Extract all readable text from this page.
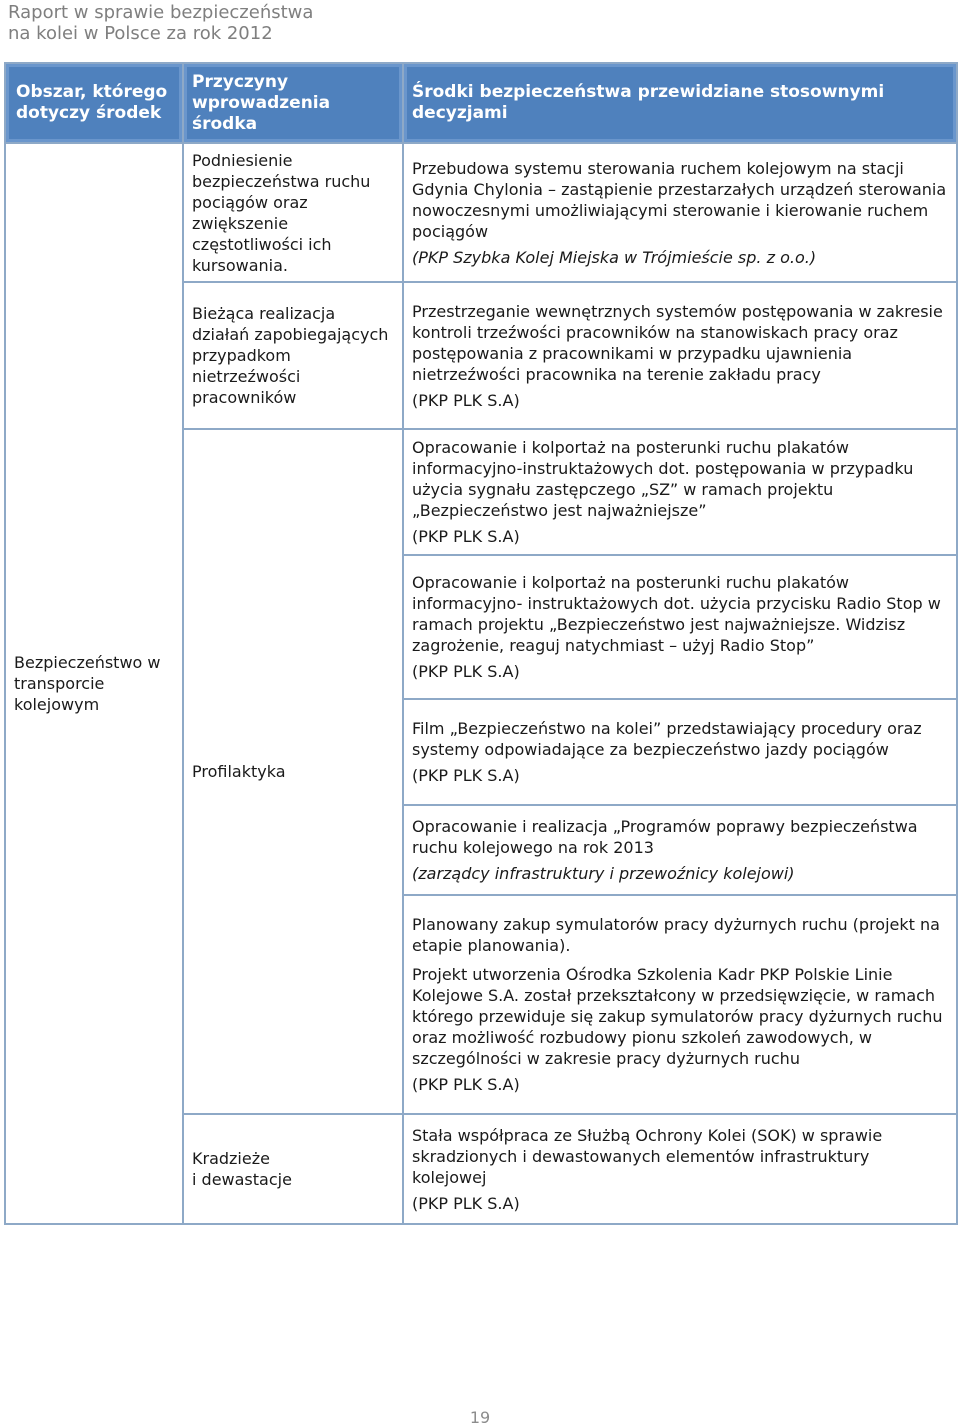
Raport w sprawie bezpieczeństwa
na kolei w Polsce za rok 2012
Obszar, którego dotyczy środek	Przyczyny wprowadzenia środka	Środki bezpieczeństwa przewidziane stosownymi decyzjami
Bezpieczeństwo w transporcie kolejowym	Podniesienie bezpieczeństwa ruchu pociągów oraz zwiększenie częstotliwości ich kursowania.	Przebudowa systemu sterowania ruchem kolejowym na stacji Gdynia Chylonia – zastąpienie przestarzałych urządzeń sterowania nowoczesnymi umożliwiającymi sterowanie i kierowanie ruchem pociągów
(PKP Szybka Kolej Miejska w Trójmieście sp. z o.o.)

	Bieżąca realizacja działań zapobiegających przypadkom nietrzeźwości pracowników	Przestrzeganie wewnętrznych systemów postępowania w zakresie kontroli trzeźwości pracowników na stanowiskach pracy oraz postępowania z pracownikami w przypadku ujawnienia nietrzeźwości pracownika na terenie zakładu pracy
(PKP PLK S.A)

	Profilaktyka	Opracowanie i kolportaż na posterunki ruchu plakatów informacyjno-instruktażowych dot. postępowania w przypadku użycia sygnału zastępczego „SZ” w ramach projektu „Bezpieczeństwo jest najważniejsze”
(PKP PLK S.A)

		Opracowanie i kolportaż na posterunki ruchu plakatów informacyjno- instruktażowych dot. użycia przycisku Radio Stop w ramach projektu „Bezpieczeństwo jest najważniejsze. Widzisz zagrożenie, reaguj natychmiast – użyj Radio Stop”
(PKP PLK S.A)

		Film „Bezpieczeństwo na kolei” przedstawiający procedury oraz systemy odpowiadające za bezpieczeństwo jazdy pociągów
(PKP PLK S.A)

		Opracowanie i realizacja „Programów poprawy bezpieczeństwa ruchu kolejowego na rok 2013
(zarządcy infrastruktury i przewoźnicy kolejowi)

		Planowany zakup symulatorów pracy dyżurnych ruchu (projekt na etapie planowania).
Projekt utworzenia Ośrodka Szkolenia Kadr PKP Polskie Linie Kolejowe S.A. został przekształcony w przedsięwzięcie, w ramach którego przewiduje się zakup symulatorów pracy dyżurnych ruchu oraz możliwość rozbudowy pionu szkoleń zawodowych, w szczególności w zakresie pracy dyżurnych ruchu
(PKP PLK S.A)

	Kradzieże
i dewastacje	Stała współpraca ze Służbą Ochrony Kolei (SOK) w sprawie skradzionych i dewastowanych elementów infrastruktury kolejowej
(PKP PLK S.A)
19
